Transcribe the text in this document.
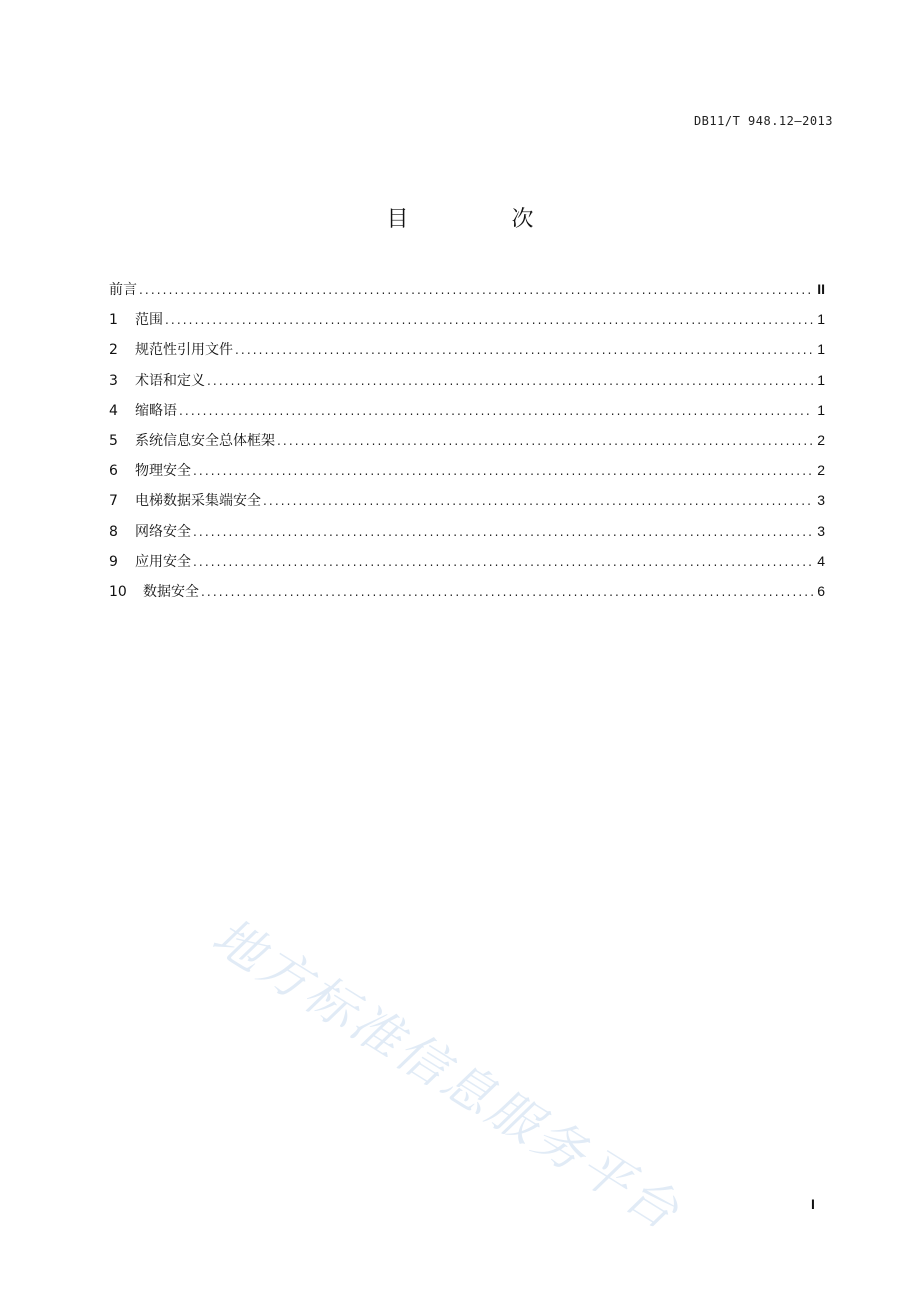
DB11/T 948.12—2013
目 次
前言 .....	II
1	范围 .....	1
2	规范性引用文件 .....	1
3	术语和定义 .....	1
4	缩略语 .....	1
5	系统信息安全总体框架 .....	2
6	物理安全 .....	2
7	电梯数据采集端安全 .....	3
8	网络安全 .....	3
9	应用安全 .....	4
10	数据安全 .....	6
地方标准信息服务平台	I
